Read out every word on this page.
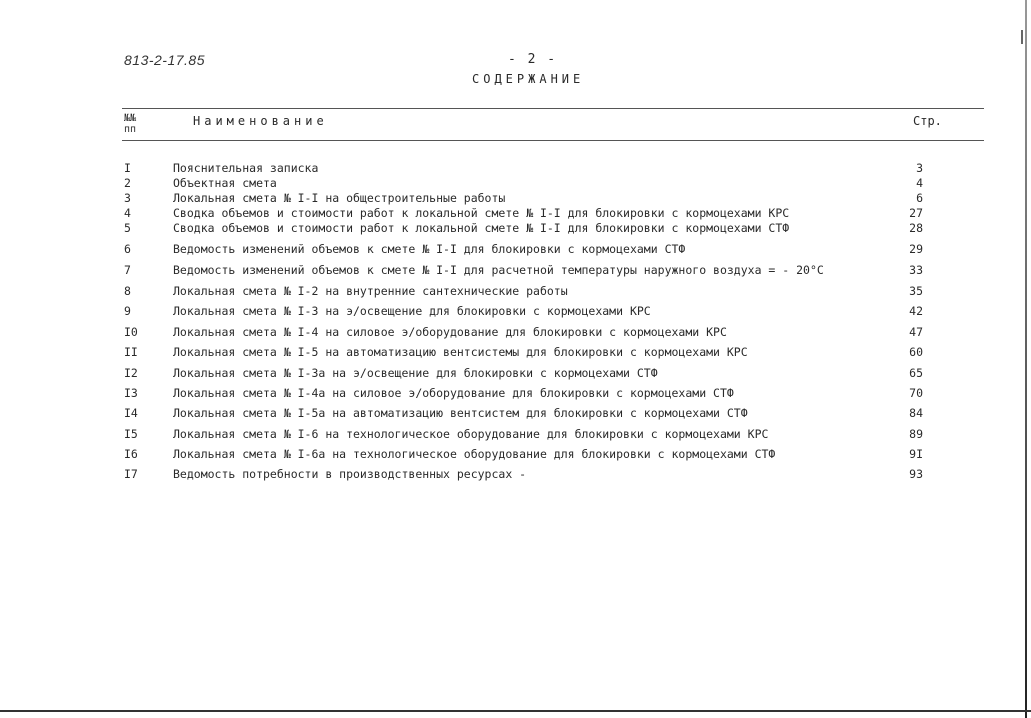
813-2-17.85	- 2 -
СОДЕРЖАНИЕ
№№
пп
Наименование	Стр.
I	Пояснительная записка	3
2	Объектная смета	4
3	Локальная смета № I-I на общестроительные работы	6
4	Сводка объемов и стоимости работ к локальной смете № I-I для блокировки с кормоцехами КРС	27
5	Сводка объемов и стоимости работ к локальной смете № I-I для блокировки с кормоцехами СТФ	28
6	Ведомость изменений объемов к смете № I-I для блокировки с кормоцехами СТФ	29
7	Ведомость изменений объемов к смете № I-I для расчетной температуры наружного воздуха = - 20°C	33
8	Локальная смета № I-2 на внутренние сантехнические работы	35
9	Локальная смета № I-3 на э/освещение для блокировки с кормоцехами КРС	42
I0	Локальная смета № I-4 на силовое э/оборудование для блокировки с кормоцехами КРС	47
II	Локальная смета № I-5 на автоматизацию вентсистемы для блокировки с кормоцехами КРС	60
I2	Локальная смета № I-3а на э/освещение для блокировки с кормоцехами СТФ	65
I3	Локальная смета № I-4а на силовое э/оборудование для блокировки с кормоцехами СТФ	70
I4	Локальная смета № I-5а на автоматизацию вентсистем для блокировки с кормоцехами СТФ	84
I5	Локальная смета № I-6 на технологическое оборудование для блокировки с кормоцехами КРС	89
I6	Локальная смета № I-6а на технологическое оборудование для блокировки с кормоцехами СТФ	9I
I7	Ведомость потребности в производственных ресурсах -	93
